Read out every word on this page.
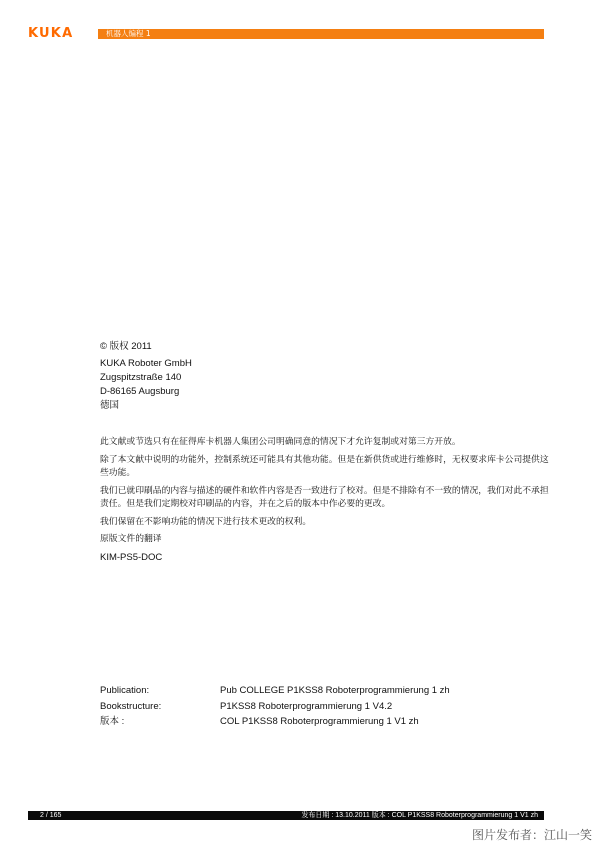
KUKA	机器人编程 1
© 版权 2011
KUKA Roboter GmbH
Zugspitzstraße 140
D-86165 Augsburg
德国

此文献或节选只有在征得库卡机器人集团公司明确同意的情况下才允许复制或对第三方开放。

除了本文献中说明的功能外，控制系统还可能具有其他功能。但是在新供货或进行维修时，无权要求库卡公司提供这些功能。

我们已就印刷品的内容与描述的硬件和软件内容是否一致进行了校对。但是不排除有不一致的情况，我们对此不承担责任。但是我们定期校对印刷品的内容，并在之后的版本中作必要的更改。

我们保留在不影响功能的情况下进行技术更改的权利。

原版文件的翻译

KIM-PS5-DOC
Publication:	Pub COLLEGE P1KSS8 Roboterprogrammierung 1 zh
Bookstructure:	P1KSS8 Roboterprogrammierung 1 V4.2
版本 :	COL P1KSS8 Roboterprogrammierung 1 V1 zh
2 / 165	发布日期 : 13.10.2011 版本 : COL P1KSS8 Roboterprogrammierung 1 V1 zh
图片发布者：江山一笑
